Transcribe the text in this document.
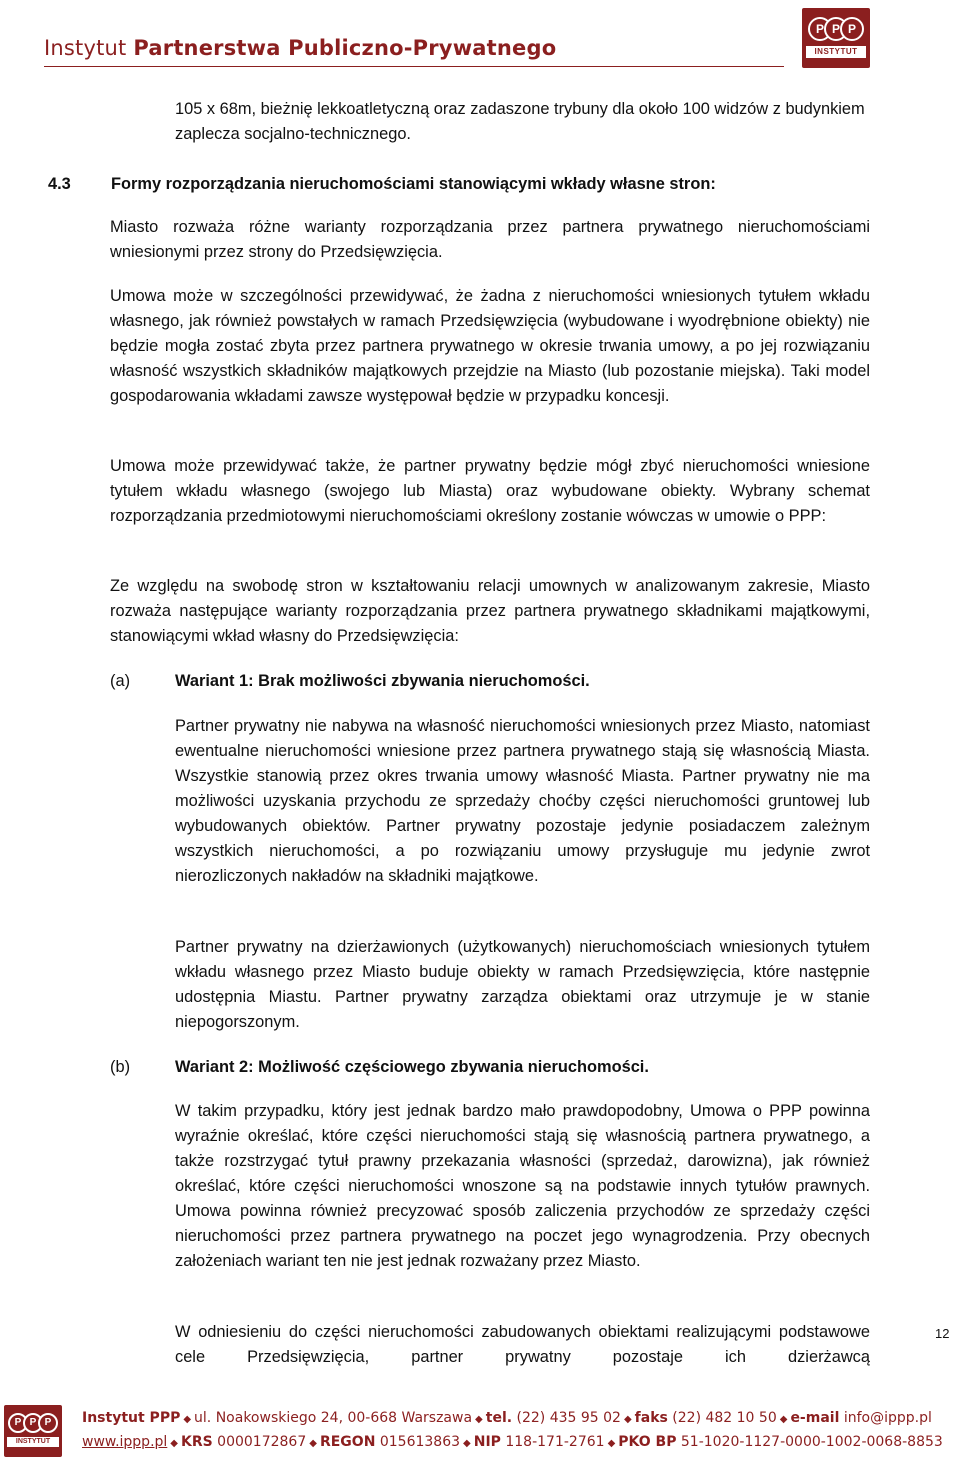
Instytut Partnerstwa Publiczno-Prywatnego
P P P
INSTYTUT
105 x 68m, bieżnię lekkoatletyczną oraz zadaszone trybuny dla około 100 widzów z budynkiem zaplecza socjalno-technicznego.
4.3 Formy rozporządzania nieruchomościami stanowiącymi wkłady własne stron:
Miasto rozważa różne warianty rozporządzania przez partnera prywatnego nieruchomościami wniesionymi przez strony do Przedsięwzięcia.
Umowa może w szczególności przewidywać, że żadna z nieruchomości wniesionych tytułem wkładu własnego, jak również powstałych w ramach Przedsięwzięcia (wybudowane i wyodrębnione obiekty) nie będzie mogła zostać zbyta przez partnera prywatnego w okresie trwania umowy, a po jej rozwiązaniu własność wszystkich składników majątkowych przejdzie na Miasto (lub pozostanie miejska). Taki model gospodarowania wkładami zawsze występował będzie w przypadku koncesji.
Umowa może przewidywać także, że partner prywatny będzie mógł zbyć nieruchomości wniesione tytułem wkładu własnego (swojego lub Miasta) oraz wybudowane obiekty. Wybrany schemat rozporządzania przedmiotowymi nieruchomościami określony zostanie wówczas w umowie o PPP:
Ze względu na swobodę stron w kształtowaniu relacji umownych w analizowanym zakresie, Miasto rozważa następujące warianty rozporządzania przez partnera prywatnego składnikami majątkowymi, stanowiącymi wkład własny do Przedsięwzięcia:
(a)	Wariant 1: Brak możliwości zbywania nieruchomości.
Partner prywatny nie nabywa na własność nieruchomości wniesionych przez Miasto, natomiast ewentualne nieruchomości wniesione przez partnera prywatnego stają się własnością Miasta. Wszystkie stanowią przez okres trwania umowy własność Miasta. Partner prywatny nie ma możliwości uzyskania przychodu ze sprzedaży choćby części nieruchomości gruntowej lub wybudowanych obiektów. Partner prywatny pozostaje jedynie posiadaczem zależnym wszystkich nieruchomości, a po rozwiązaniu umowy przysługuje mu jedynie zwrot nierozliczonych nakładów na składniki majątkowe.
Partner prywatny na dzierżawionych (użytkowanych) nieruchomościach wniesionych tytułem wkładu własnego przez Miasto buduje obiekty w ramach Przedsięwzięcia, które następnie udostępnia Miastu. Partner prywatny zarządza obiektami oraz utrzymuje je w stanie niepogorszonym.
(b)	Wariant 2: Możliwość częściowego zbywania nieruchomości.
W takim przypadku, który jest jednak bardzo mało prawdopodobny, Umowa o PPP powinna wyraźnie określać, które części nieruchomości stają się własnością partnera prywatnego, a także rozstrzygać tytuł prawny przekazania własności (sprzedaż, darowizna), jak również określać, które części nieruchomości wnoszone są na podstawie innych tytułów prawnych. Umowa powinna również precyzować sposób zaliczenia przychodów ze sprzedaży części nieruchomości przez partnera prywatnego na poczet jego wynagrodzenia. Przy obecnych założeniach wariant ten nie jest jednak rozważany przez Miasto.
W odniesieniu do części nieruchomości zabudowanych obiektami realizującymi podstawowe cele Przedsięwzięcia, partner prywatny pozostaje ich dzierżawcą
12
P P P
INSTYTUT
Instytut PPP ◆ ul. Noakowskiego 24, 00-668 Warszawa ◆ tel. (22) 435 95 02 ◆ faks (22) 482 10 50 ◆ e-mail info@ippp.pl
www.ippp.pl ◆ KRS 0000172867 ◆ REGON 015613863 ◆ NIP 118-171-2761 ◆ PKO BP 51-1020-1127-0000-1002-0068-8853
